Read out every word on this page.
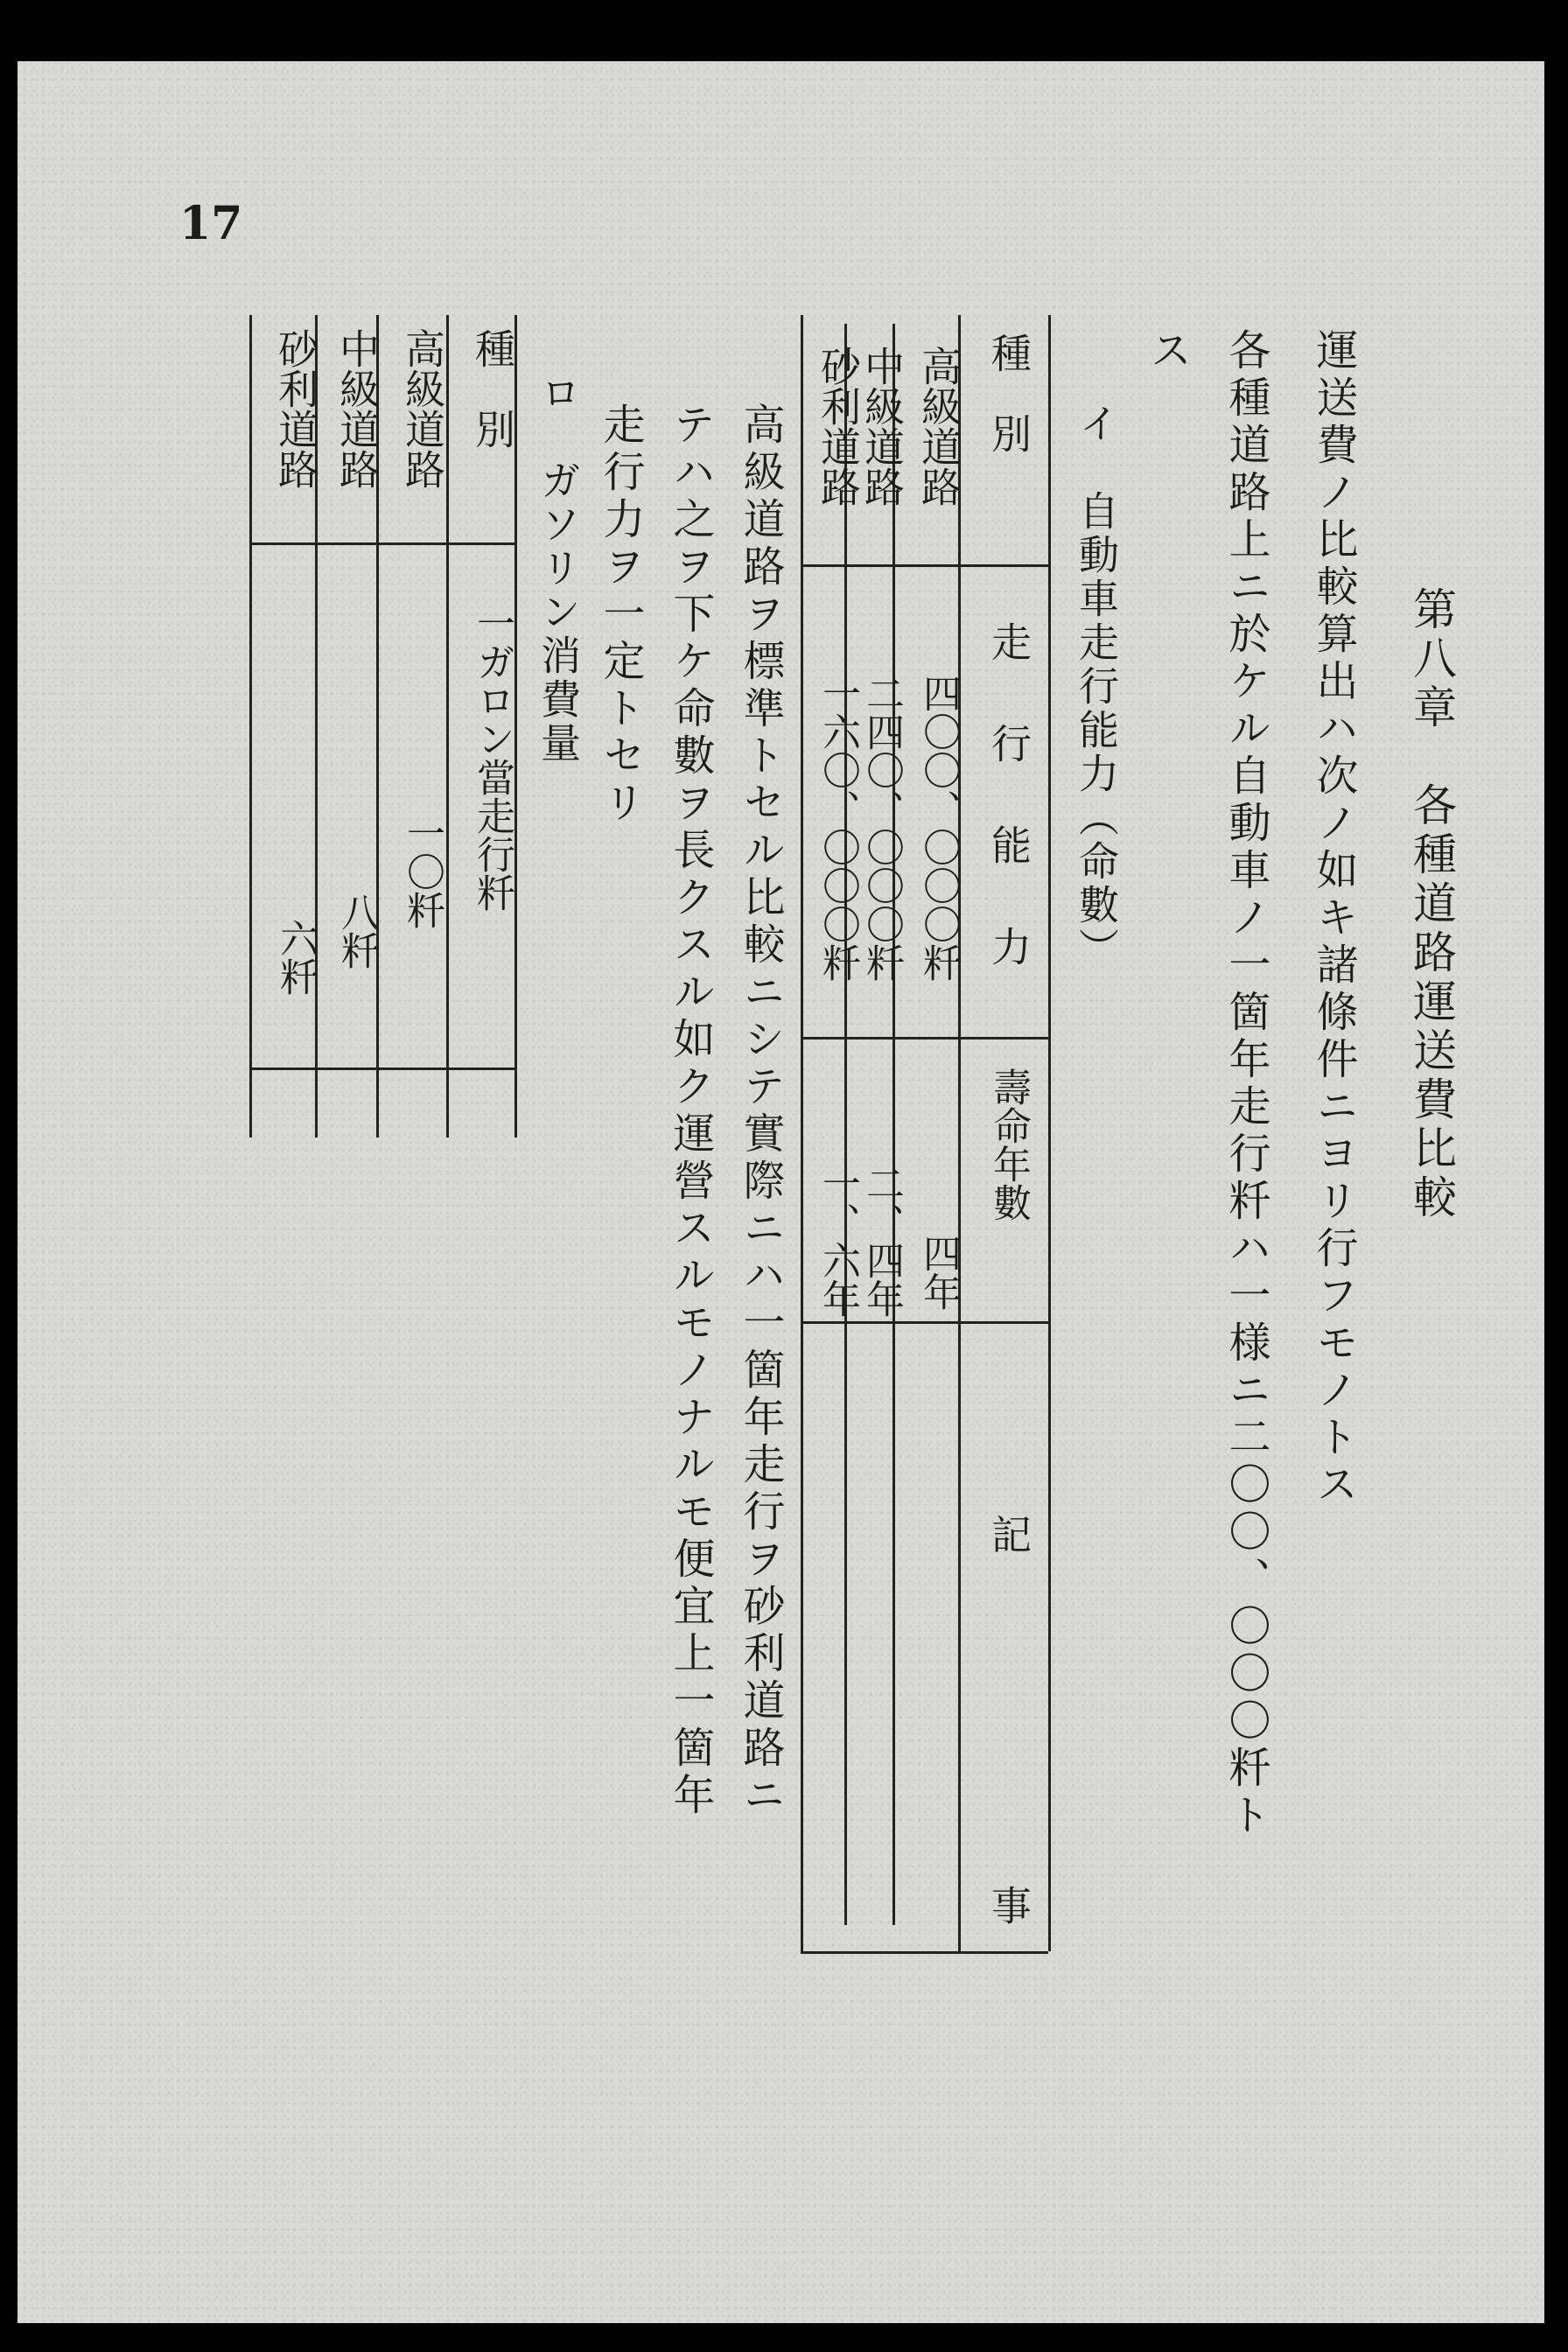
17
第八章　各種道路運送費比較
運送費ノ比較算出ハ次ノ如キ諸條件ニヨリ行フモノトス
各種道路上ニ於ケル自動車ノ一箇年走行粁ハ一様ニ二〇〇、〇〇〇粁ト
ス
イ　自動車走行能力（命數）
種　別
走　行　能　力
壽命年數
記　　　事
高級道路
四〇〇、〇〇〇粁
四年
中級道路
二四〇、〇〇〇粁
二、四年
砂利道路
一六〇、〇〇〇粁
一、六年
高級道路ヲ標準トセル比較ニシテ實際ニハ一箇年走行ヲ砂利道路ニ
テハ之ヲ下ケ命數ヲ長クスル如ク運營スルモノナルモ便宜上一箇年
走行力ヲ一定トセリ
ロ　ガソリン消費量
種　別
一ガロン當走行粁
高級道路
一〇粁
中級道路
八粁
砂利道路
六粁
